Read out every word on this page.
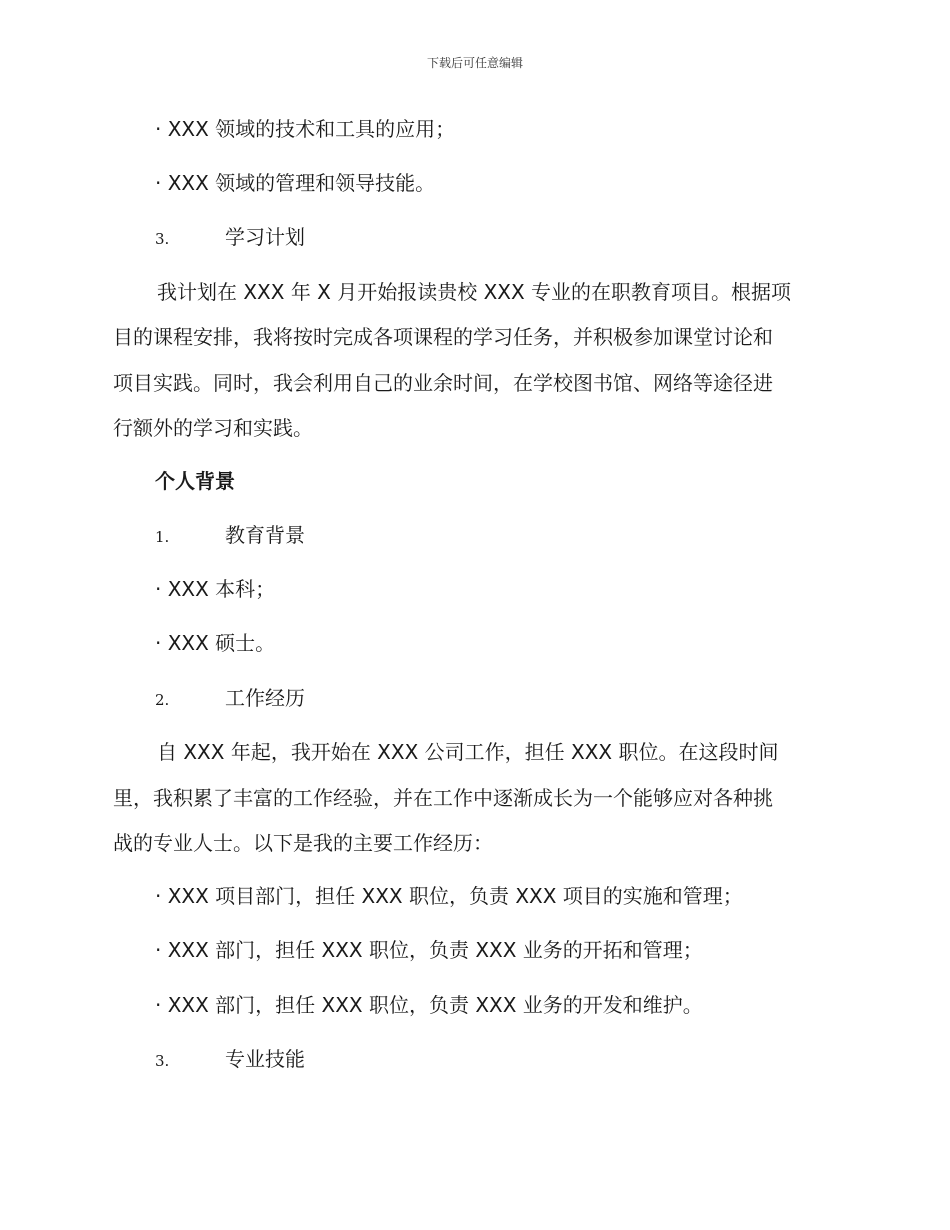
下载后可任意编辑
· XXX 领域的技术和工具的应用；
· XXX 领域的管理和领导技能。
3.	学习计划
我计划在 XXX 年 X 月开始报读贵校 XXX 专业的在职教育项目。根据项
目的课程安排，我将按时完成各项课程的学习任务，并积极参加课堂讨论和
项目实践。同时，我会利用自己的业余时间，在学校图书馆、网络等途径进
行额外的学习和实践。
个人背景
1.	教育背景
· XXX 本科；
· XXX 硕士。
2.	工作经历
自 XXX 年起，我开始在 XXX 公司工作，担任 XXX 职位。在这段时间
里，我积累了丰富的工作经验，并在工作中逐渐成长为一个能够应对各种挑
战的专业人士。以下是我的主要工作经历：
· XXX 项目部门，担任 XXX 职位，负责 XXX 项目的实施和管理；
· XXX 部门，担任 XXX 职位，负责 XXX 业务的开拓和管理；
· XXX 部门，担任 XXX 职位，负责 XXX 业务的开发和维护。
3.	专业技能
